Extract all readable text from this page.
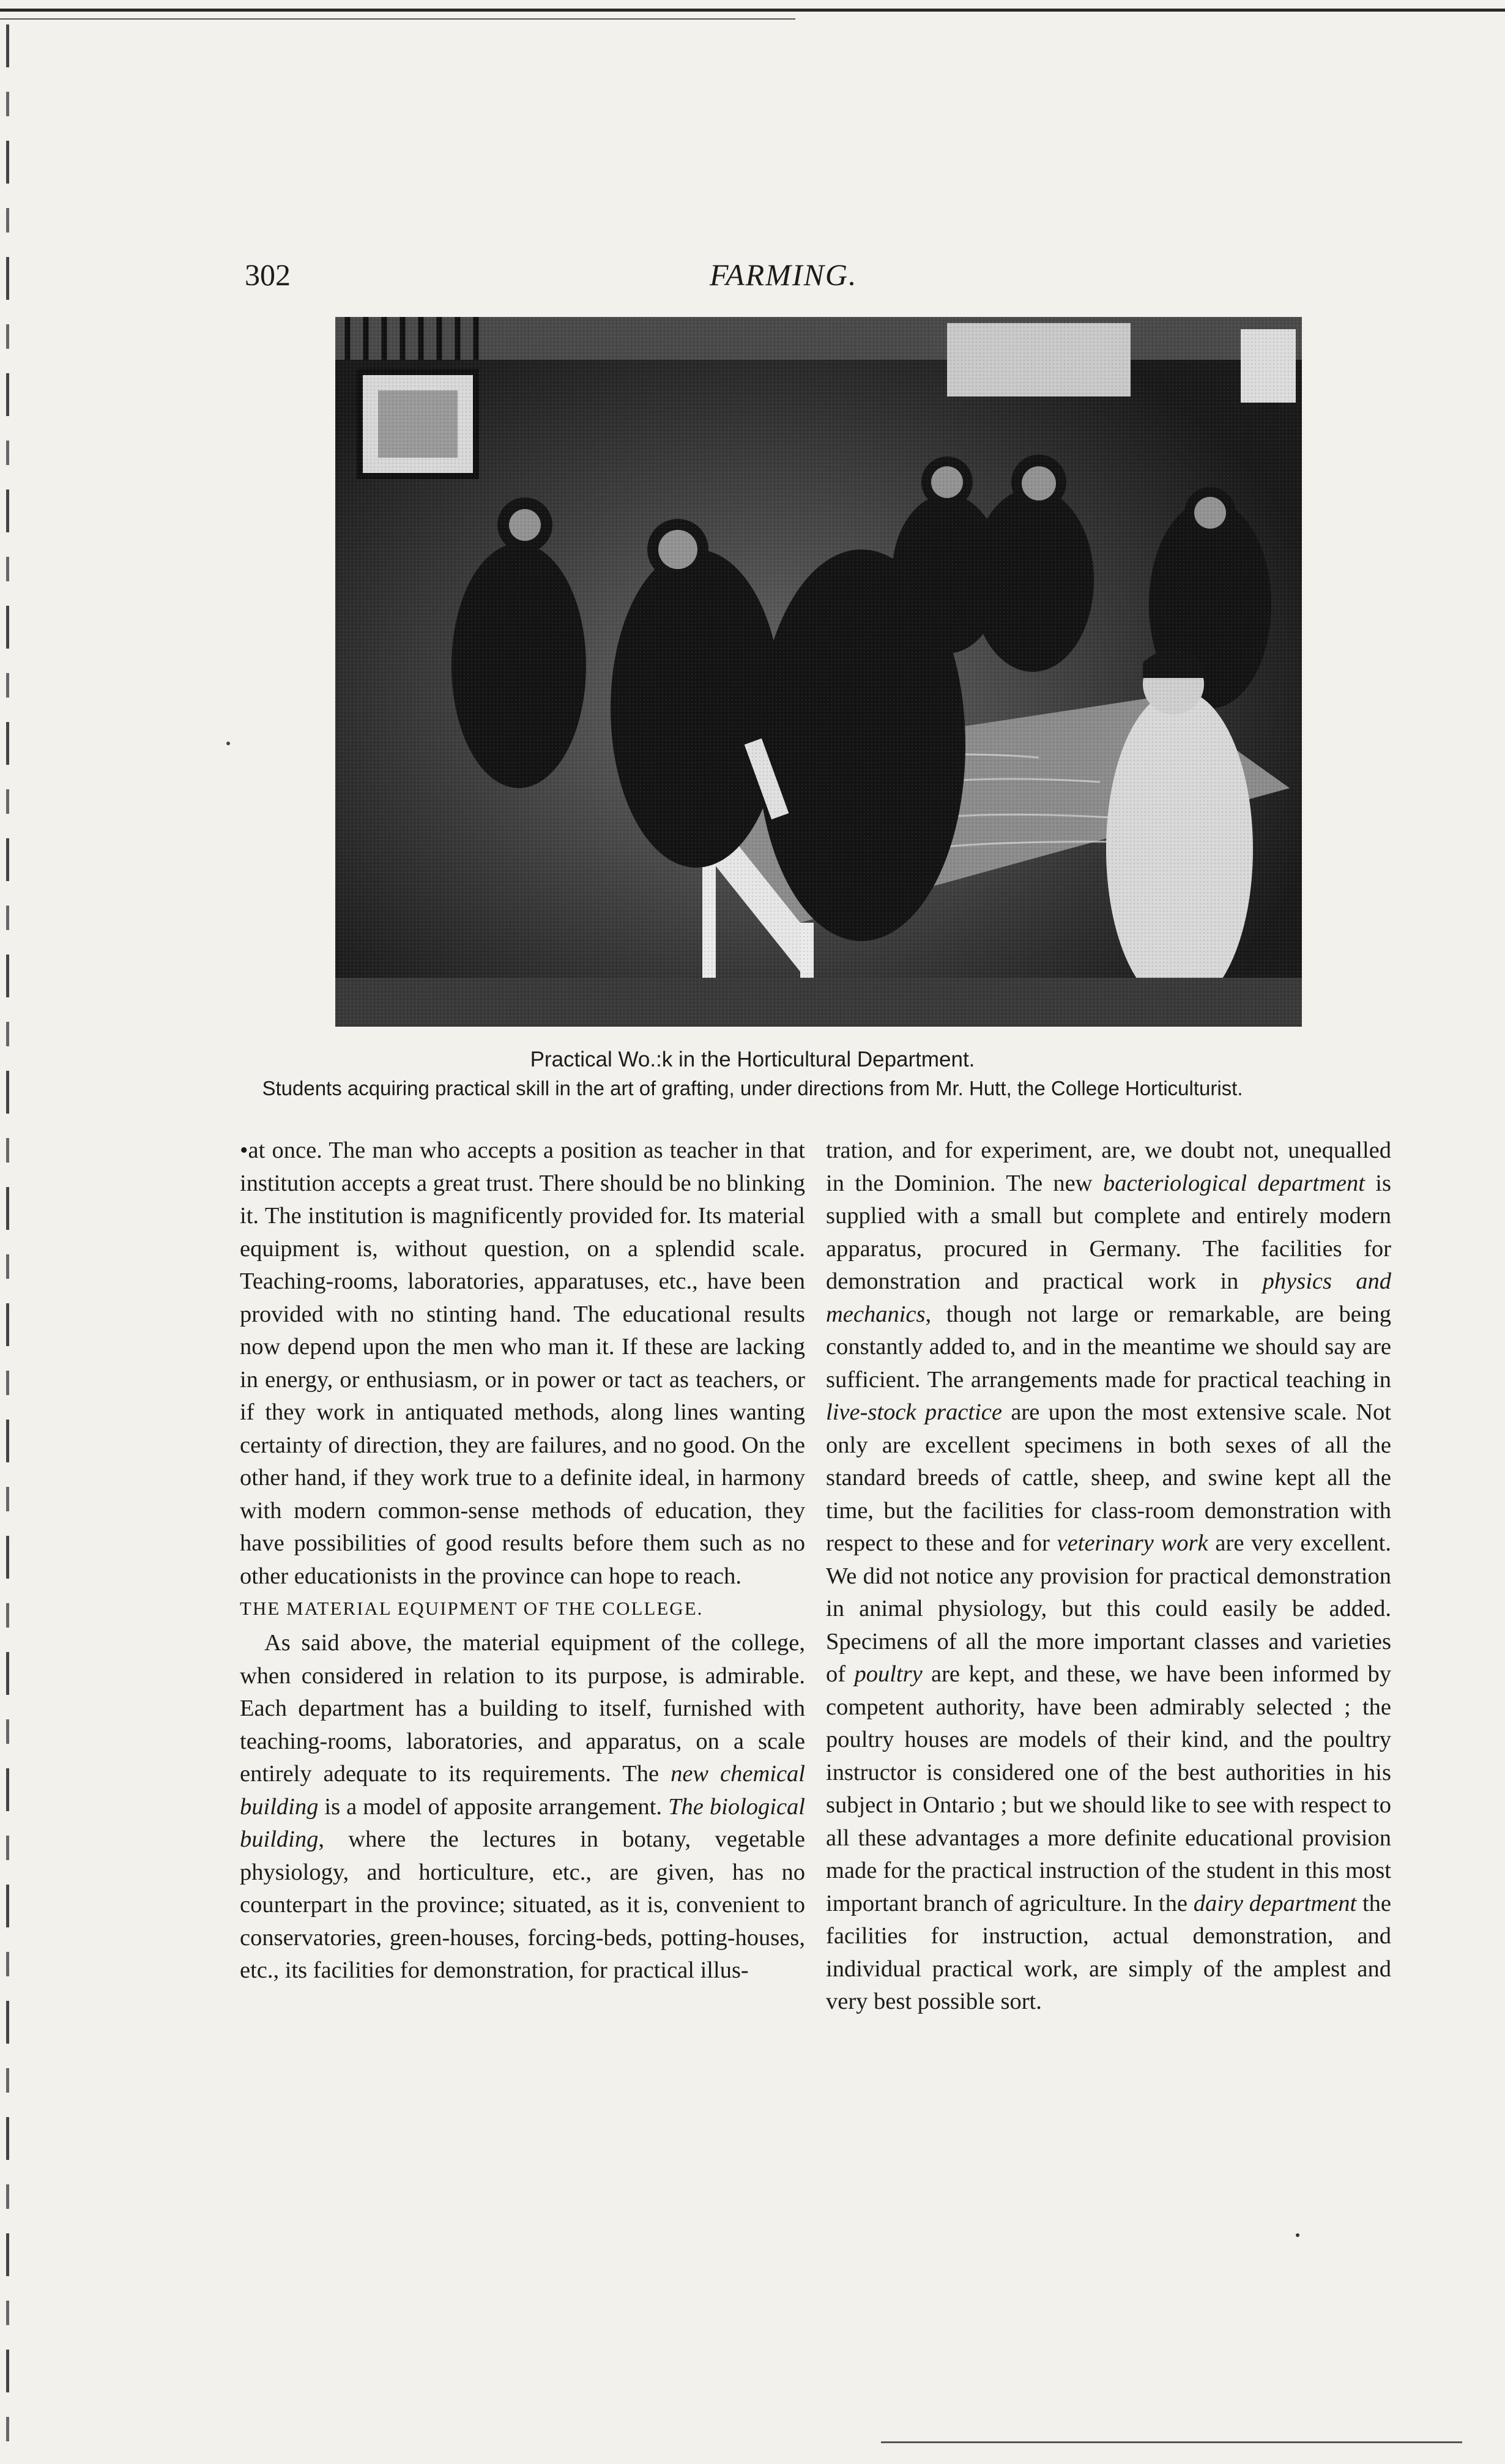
302	FARMING.
Practical Wo.:k in the Horticultural Department.
Students acquiring practical skill in the art of grafting, under directions from Mr. Hutt, the College Horticulturist.

•at once. The man who accepts a position as teacher in that institution accepts a great trust. There should be no blinking it. The institution is magnificently provided for. Its material equipment is, without question, on a splendid scale. Teaching-rooms, laboratories, apparatuses, etc., have been provided with no stinting hand. The educational results now depend upon the men who man it. If these are lacking in energy, or enthusiasm, or in power or tact as teachers, or if they work in antiquated methods, along lines wanting certainty of direction, they are failures, and no good. On the other hand, if they work true to a definite ideal, in harmony with modern common-sense methods of education, they have possibilities of good results before them such as no other educationists in the province can hope to reach.

THE MATERIAL EQUIPMENT OF THE COLLEGE.

As said above, the material equipment of the college, when considered in relation to its purpose, is admirable. Each department has a building to itself, furnished with teaching-rooms, laboratories, and apparatus, on a scale entirely adequate to its requirements. The new chemical building is a model of apposite arrangement. The biological building, where the lectures in botany, vegetable physiology, and horticulture, etc., are given, has no counterpart in the province; situated, as it is, convenient to conservatories, green-houses, forcing-beds, potting-houses, etc., its facilities for demonstration, for practical illus-

tration, and for experiment, are, we doubt not, unequalled in the Dominion. The new bacteriological department is supplied with a small but complete and entirely modern apparatus, procured in Germany. The facilities for demonstration and practical work in physics and mechanics, though not large or remarkable, are being constantly added to, and in the meantime we should say are sufficient. The arrangements made for practical teaching in live-stock practice are upon the most extensive scale. Not only are excellent specimens in both sexes of all the standard breeds of cattle, sheep, and swine kept all the time, but the facilities for class-room demonstration with respect to these and for veterinary work are very excellent. We did not notice any provision for practical demonstration in animal physiology, but this could easily be added. Specimens of all the more important classes and varieties of poultry are kept, and these, we have been informed by competent authority, have been admirably selected ; the poultry houses are models of their kind, and the poultry instructor is considered one of the best authorities in his subject in Ontario ; but we should like to see with respect to all these advantages a more definite educational provision made for the practical instruction of the student in this most important branch of agriculture. In the dairy department the facilities for instruction, actual demonstration, and individual practical work, are simply of the amplest and very best possible sort.
